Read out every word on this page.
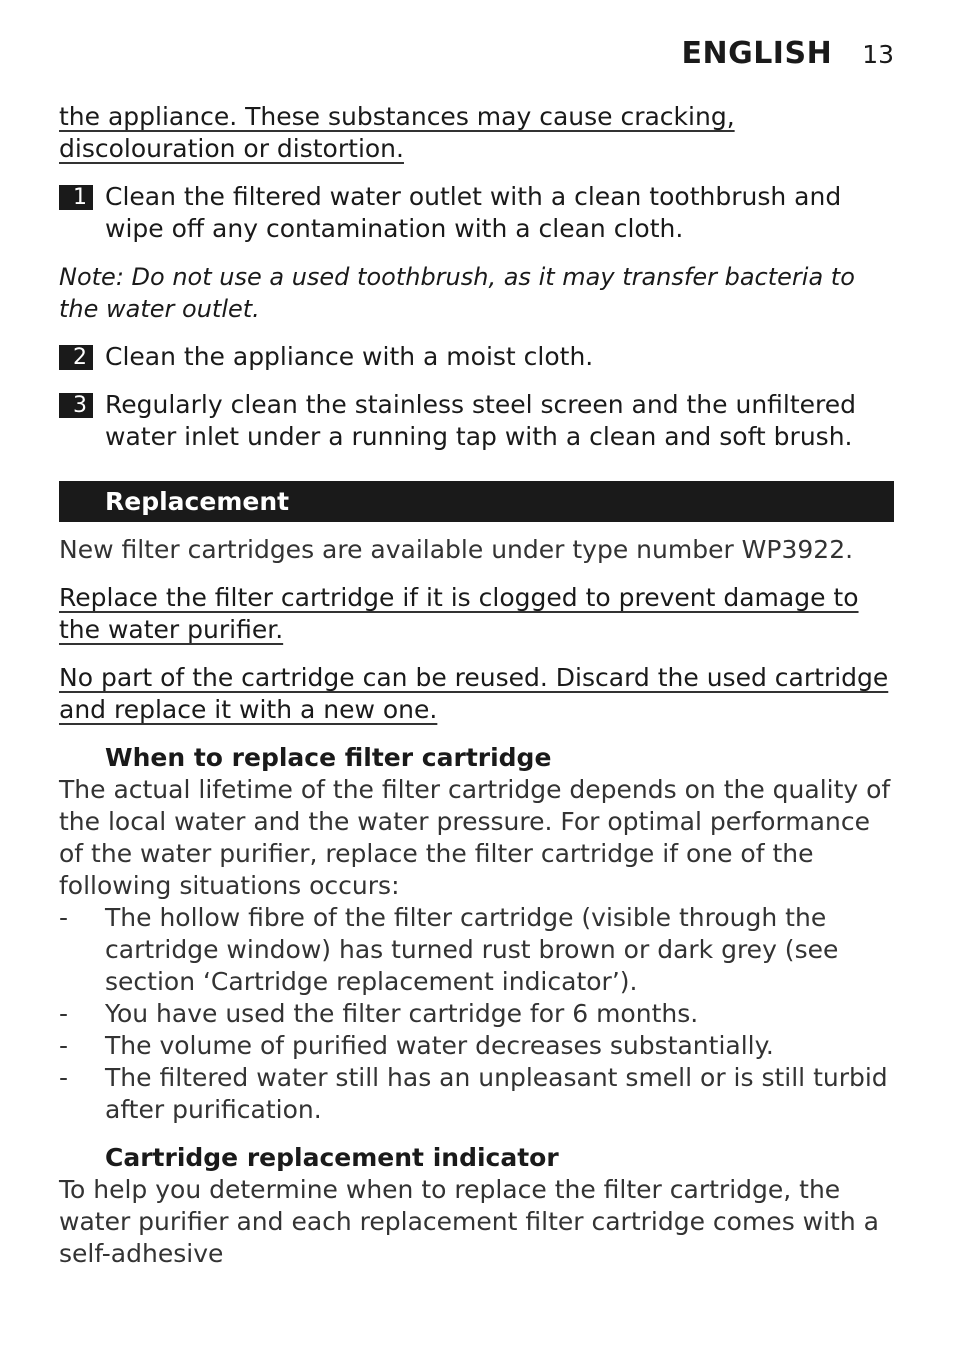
ENGLISH 13

the appliance. These substances may cause cracking, discolouration or distortion.

1 Clean the filtered water outlet with a clean toothbrush and wipe off any contamination with a clean cloth.

Note: Do not use a used toothbrush, as it may transfer bacteria to the water outlet.

2 Clean the appliance with a moist cloth.
3 Regularly clean the stainless steel screen and the unfiltered water inlet under a running tap with a clean and soft brush.
Replacement

New filter cartridges are available under type number WP3922.

Replace the filter cartridge if it is clogged to prevent damage to the water purifier.

No part of the cartridge can be reused. Discard the used cartridge and replace it with a new one.

When to replace filter cartridge

The actual lifetime of the filter cartridge depends on the quality of the local water and the water pressure. For optimal performance of the water purifier, replace the filter cartridge if one of the following situations occurs:

-	The hollow fibre of the filter cartridge (visible through the cartridge window) has turned rust brown or dark grey (see section ‘Cartridge replacement indicator’).
-	You have used the filter cartridge for 6 months.
-	The volume of purified water decreases substantially.
-	The filtered water still has an unpleasant smell or is still turbid after purification.

Cartridge replacement indicator

To help you determine when to replace the filter cartridge, the water purifier and each replacement filter cartridge comes with a self-adhesive
